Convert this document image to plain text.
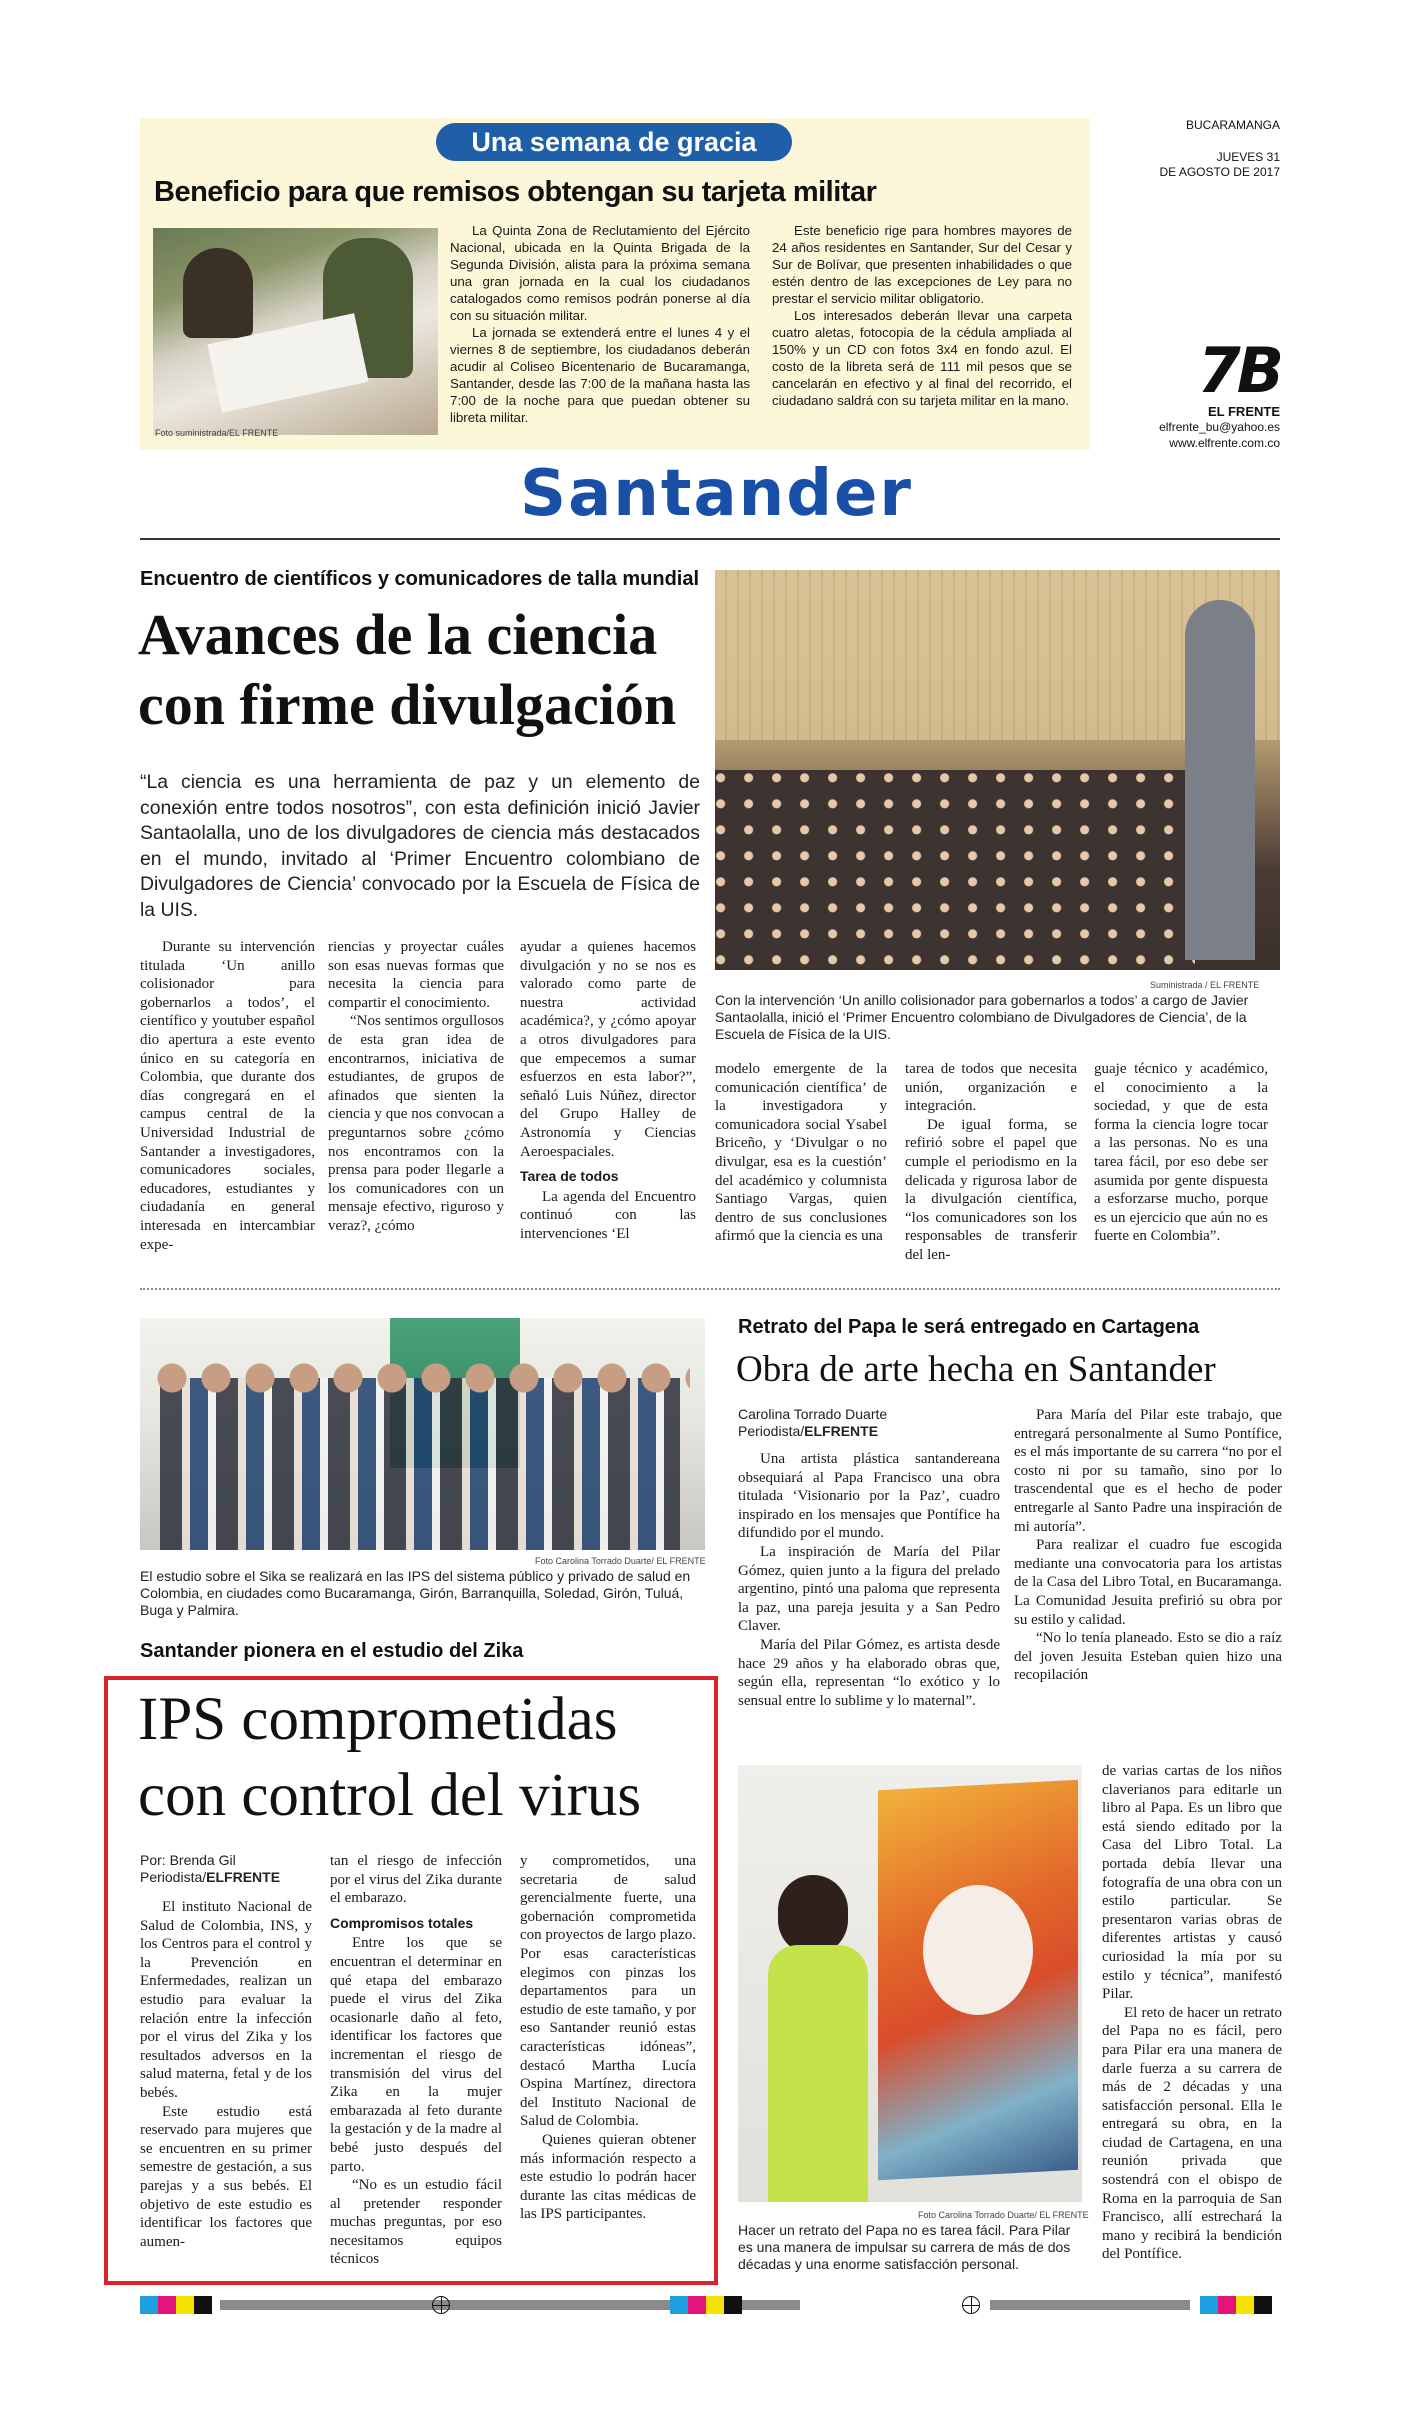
Una semana de gracia
Beneficio para que remisos obtengan su tarjeta militar
Foto suministrada/EL FRENTE

La Quinta Zona de Reclutamiento del Ejército Nacional, ubicada en la Quinta Brigada de la Segunda División, alista para la próxima semana una gran jornada en la cual los ciudadanos catalogados como remisos podrán ponerse al día con su situación militar.

La jornada se extenderá entre el lunes 4 y el viernes 8 de septiembre, los ciudadanos deberán acudir al Coliseo Bicentenario de Bucaramanga, Santander, desde las 7:00 de la mañana hasta las 7:00 de la noche para que puedan obtener su libreta militar.

Este beneficio rige para hombres mayores de 24 años residentes en Santander, Sur del Cesar y Sur de Bolívar, que presenten inhabilidades o que estén dentro de las excepciones de Ley para no prestar el servicio militar obligatorio.

Los interesados deberán llevar una carpeta cuatro aletas, fotocopia de la cédula ampliada al 150% y un CD con fotos 3x4 en fondo azul. El costo de la libreta será de 111 mil pesos que se cancelarán en efectivo y al final del recorrido, el ciudadano saldrá con su tarjeta militar en la mano.

BUCARAMANGA
JUEVES 31
DE AGOSTO DE 2017
7B
EL FRENTE
elfrente_bu@yahoo.es
www.elfrente.com.co
Santander
Encuentro de científicos y comunicadores de talla mundial
Avances de la ciencia con firme divulgación
“La ciencia es una herramienta de paz y un elemento de conexión entre todos nosotros”, con esta definición inició Javier Santaolalla, uno de los divulgadores de ciencia más destacados en el mundo, invitado al ‘Primer Encuentro colombiano de Divulgadores de Ciencia’ convocado por la Escuela de Física de la UIS.
Suministrada / EL FRENTE
Con la intervención ‘Un anillo colisionador para gobernarlos a todos’ a cargo de Javier Santaolalla, inició el ‘Primer Encuentro colombiano de Divulgadores de Ciencia’, de la Escuela de Física de la UIS.

Durante su intervención titulada ‘Un anillo colisionador para gobernarlos a todos’, el científico y youtuber español dio apertura a este evento único en su categoría en Colombia, que durante dos días congregará en el campus central de la Universidad Industrial de Santander a investigadores, comunicadores sociales, educadores, estudiantes y ciudadanía en general interesada en intercambiar expe-

riencias y proyectar cuáles son esas nuevas formas que necesita la ciencia para compartir el conocimiento.

“Nos sentimos orgullosos de esta gran idea de encontrarnos, iniciativa de estudiantes, de grupos de afinados que sienten la ciencia y que nos convocan a preguntarnos sobre ¿cómo nos encontramos con la prensa para poder llegarle a los comunicadores con un mensaje efectivo, riguroso y veraz?, ¿cómo

ayudar a quienes hacemos divulgación y no se nos es valorado como parte de nuestra actividad académica?, y ¿cómo apoyar a otros divulgadores para que empecemos a sumar esfuerzos en esta labor?”, señaló Luis Núñez, director del Grupo Halley de Astronomía y Ciencias Aeroespaciales.

Tarea de todos

La agenda del Encuentro continuó con las intervenciones ‘El

modelo emergente de la comunicación científica’ de la investigadora y comunicadora social Ysabel Briceño, y ‘Divulgar o no divulgar, esa es la cuestión’ del académico y columnista Santiago Vargas, quien dentro de sus conclusiones afirmó que la ciencia es una

tarea de todos que necesita unión, organización e integración.

De igual forma, se refirió sobre el papel que cumple el periodismo en la delicada y rigurosa labor de la divulgación científica, “los comunicadores son los responsables de transferir del len-

guaje técnico y académico, el conocimiento a la sociedad, y que de esta forma la ciencia logre tocar a las personas. No es una tarea fácil, por eso debe ser asumida por gente dispuesta a esforzarse mucho, porque es un ejercicio que aún no es fuerte en Colombia”.

Foto Carolina Torrado Duarte/ EL FRENTE
El estudio sobre el Sika se realizará en las IPS del sistema público y privado de salud en Colombia, en ciudades como Bucaramanga, Girón, Barranquilla, Soledad, Girón, Tuluá, Buga y Palmira.
Santander pionera en el estudio del Zika
IPS comprometidas con control del virus
Por: Brenda Gil
Periodista/ELFRENTE

El instituto Nacional de Salud de Colombia, INS, y los Centros para el control y la Prevención en Enfermedades, realizan un estudio para evaluar la relación entre la infección por el virus del Zika y los resultados adversos en la salud materna, fetal y de los bebés.

Este estudio está reservado para mujeres que se encuentren en su primer semestre de gestación, a sus parejas y a sus bebés. El objetivo de este estudio es identificar los factores que aumen-

tan el riesgo de infección por el virus del Zika durante el embarazo.

Compromisos totales

Entre los que se encuentran el determinar en qué etapa del embarazo puede el virus del Zika ocasionarle daño al feto, identificar los factores que incrementan el riesgo de transmisión del virus del Zika en la mujer embarazada al feto durante la gestación y de la madre al bebé justo después del parto.

“No es un estudio fácil al pretender responder muchas preguntas, por eso necesitamos equipos técnicos

y comprometidos, una secretaria de salud gerencialmente fuerte, una gobernación comprometida con proyectos de largo plazo. Por esas características elegimos con pinzas los departamentos para un estudio de este tamaño, y por eso Santander reunió estas características idóneas”, destacó Martha Lucía Ospina Martínez, directora del Instituto Nacional de Salud de Colombia.

Quienes quieran obtener más información respecto a este estudio lo podrán hacer durante las citas médicas de las IPS participantes.

Retrato del Papa le será entregado en Cartagena
Obra de arte hecha en Santander
Carolina Torrado Duarte
Periodista/ELFRENTE

Una artista plástica santandereana obsequiará al Papa Francisco una obra titulada ‘Visionario por la Paz’, cuadro inspirado en los mensajes que Pontífice ha difundido por el mundo.

La inspiración de María del Pilar Gómez, quien junto a la figura del prelado argentino, pintó una paloma que representa la paz, una pareja jesuita y a San Pedro Claver.

María del Pilar Gómez, es artista desde hace 29 años y ha elaborado obras que, según ella, representan “lo exótico y lo sensual entre lo sublime y lo maternal”.

Para María del Pilar este trabajo, que entregará personalmente al Sumo Pontífice, es el más importante de su carrera “no por el costo ni por su tamaño, sino por lo trascendental que es el hecho de poder entregarle al Santo Padre una inspiración de mi autoría”.

Para realizar el cuadro fue escogida mediante una convocatoria para los artistas de la Casa del Libro Total, en Bucaramanga. La Comunidad Jesuita prefirió su obra por su estilo y calidad.

“No lo tenía planeado. Esto se dio a raíz del joven Jesuita Esteban quien hizo una recopilación

de varias cartas de los niños claverianos para editarle un libro al Papa. Es un libro que está siendo editado por la Casa del Libro Total. La portada debía llevar una fotografía de una obra con un estilo particular. Se presentaron varias obras de diferentes artistas y causó curiosidad la mía por su estilo y técnica”, manifestó Pilar.

El reto de hacer un retrato del Papa no es fácil, pero para Pilar era una manera de darle fuerza a su carrera de más de 2 décadas y una satisfacción personal. Ella le entregará su obra, en la ciudad de Cartagena, en una reunión privada que sostendrá con el obispo de Roma en la parroquia de San Francisco, allí estrechará la mano y recibirá la bendición del Pontífice.

Foto Carolina Torrado Duarte/ EL FRENTE
Hacer un retrato del Papa no es tarea fácil. Para Pilar es una manera de impulsar su carrera de más de dos décadas y una enorme satisfacción personal.
